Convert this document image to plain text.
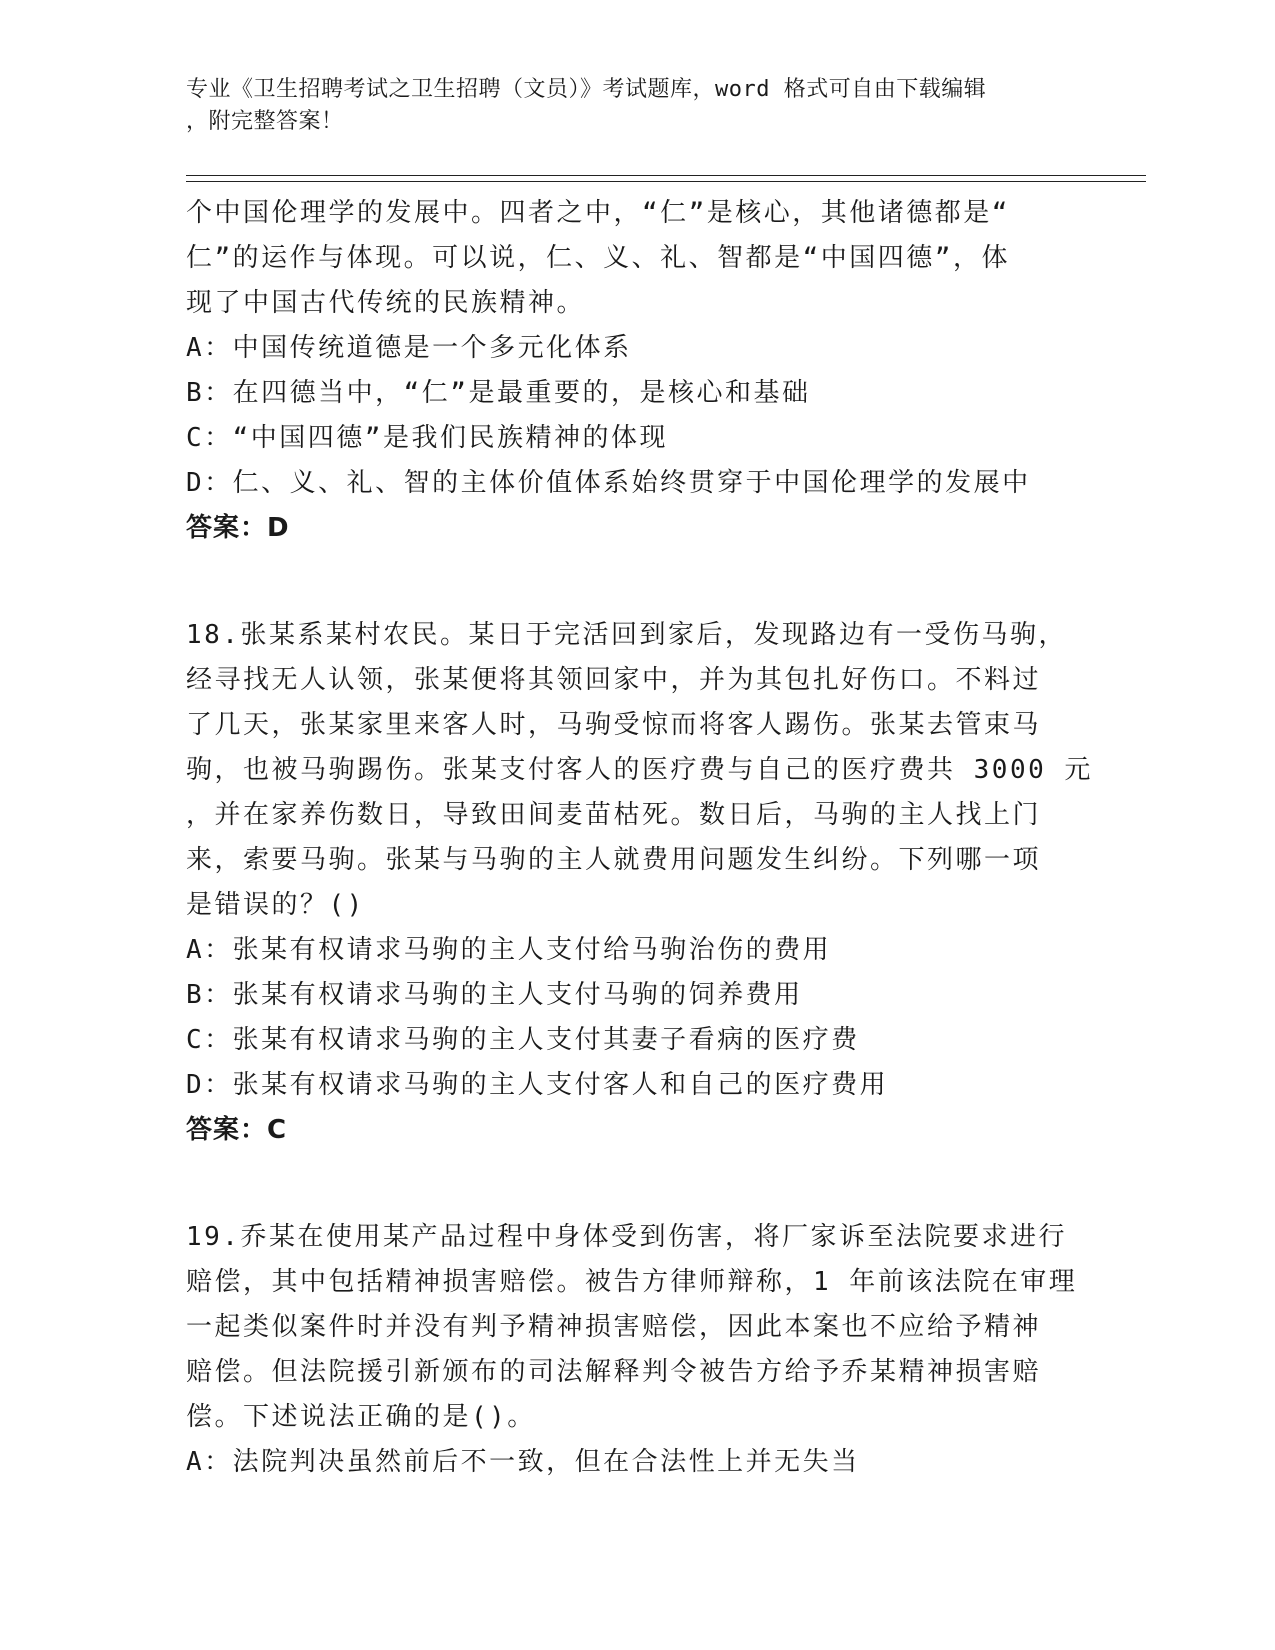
专业《卫生招聘考试之卫生招聘（文员）》考试题库，word 格式可自由下载编辑
，附完整答案！
个中国伦理学的发展中。四者之中，“仁”是核心，其他诸德都是“
仁”的运作与体现。可以说，仁、义、礼、智都是“中国四德”，体
现了中国古代传统的民族精神。
A：中国传统道德是一个多元化体系
B：在四德当中，“仁”是最重要的，是核心和基础
C：“中国四德”是我们民族精神的体现
D：仁、义、礼、智的主体价值体系始终贯穿于中国伦理学的发展中
答案：D
18.张某系某村农民。某日于完活回到家后，发现路边有一受伤马驹，
经寻找无人认领，张某便将其领回家中，并为其包扎好伤口。不料过
了几天，张某家里来客人时，马驹受惊而将客人踢伤。张某去管束马
驹，也被马驹踢伤。张某支付客人的医疗费与自己的医疗费共 3000 元
，并在家养伤数日，导致田间麦苗枯死。数日后，马驹的主人找上门
来，索要马驹。张某与马驹的主人就费用问题发生纠纷。下列哪一项
是错误的？()
A：张某有权请求马驹的主人支付给马驹治伤的费用
B：张某有权请求马驹的主人支付马驹的饲养费用
C：张某有权请求马驹的主人支付其妻子看病的医疗费
D：张某有权请求马驹的主人支付客人和自己的医疗费用
答案：C
19.乔某在使用某产品过程中身体受到伤害，将厂家诉至法院要求进行
赔偿，其中包括精神损害赔偿。被告方律师辩称，1 年前该法院在审理
一起类似案件时并没有判予精神损害赔偿，因此本案也不应给予精神
赔偿。但法院援引新颁布的司法解释判令被告方给予乔某精神损害赔
偿。下述说法正确的是()。
A：法院判决虽然前后不一致，但在合法性上并无失当
